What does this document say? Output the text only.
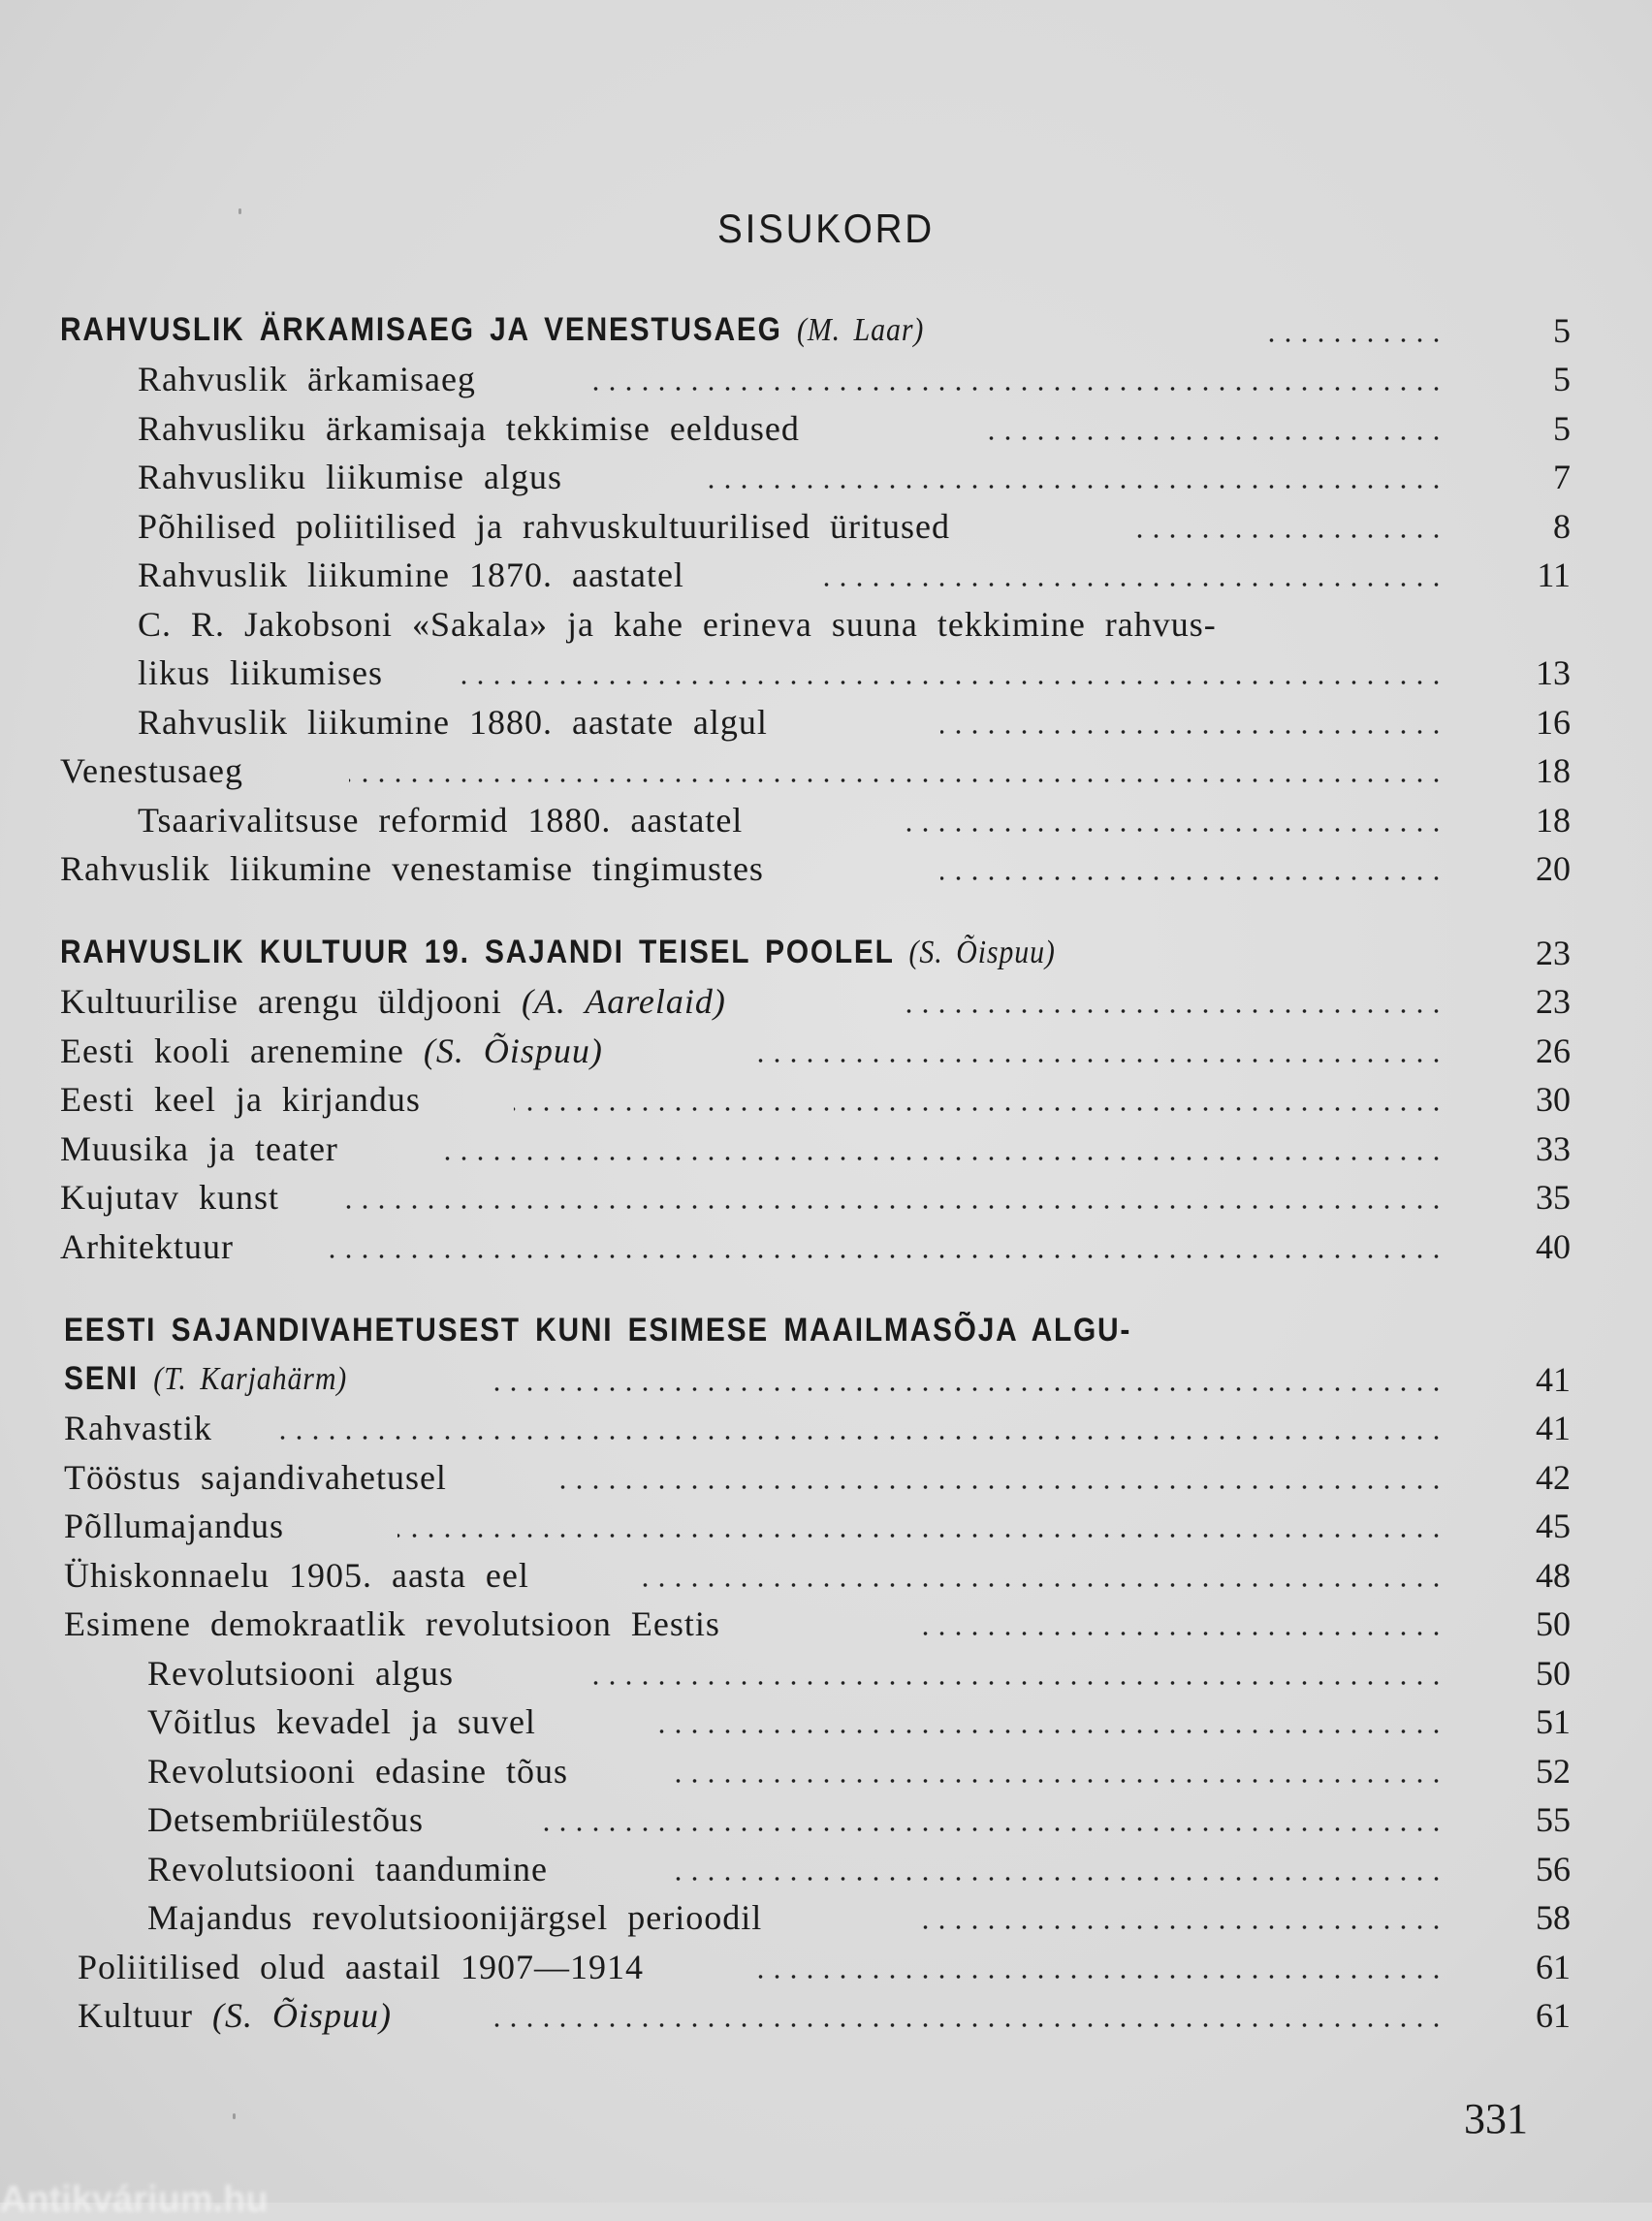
SISUKORD
RAHVUSLIK ÄRKAMISAEG JA VENESTUSAEG (M. Laar)	5
Rahvuslik ärkamisaeg	5
Rahvusliku ärkamisaja tekkimise eeldused	5
Rahvusliku liikumise algus	7
Põhilised poliitilised ja rahvuskultuurilised üritused	8
Rahvuslik liikumine 1870. aastatel	11
C. R. Jakobsoni «Sakala» ja kahe erineva suuna tekkimine rahvus-
likus liikumises	13
Rahvuslik liikumine 1880. aastate algul	16
Venestusaeg	18
Tsaarivalitsuse reformid 1880. aastatel	18
Rahvuslik liikumine venestamise tingimustes	20
RAHVUSLIK KULTUUR 19. SAJANDI TEISEL POOLEL (S. Õispuu)	23
Kultuurilise arengu üldjooni (A. Aarelaid)	23
Eesti kooli arenemine (S. Õispuu)	26
Eesti keel ja kirjandus	30
Muusika ja teater	33
Kujutav kunst	35
Arhitektuur	40
EESTI SAJANDIVAHETUSEST KUNI ESIMESE MAAILMASÕJA ALGU-
SENI (T. Karjahärm)	41
Rahvastik	41
Tööstus sajandivahetusel	42
Põllumajandus	45
Ühiskonnaelu 1905. aasta eel	48
Esimene demokraatlik revolutsioon Eestis	50
Revolutsiooni algus	50
Võitlus kevadel ja suvel	51
Revolutsiooni edasine tõus	52
Detsembriülestõus	55
Revolutsiooni taandumine	56
Majandus revolutsioonijärgsel perioodil	58
Poliitilised olud aastail 1907—1914	61
Kultuur (S. Õispuu)	61
331
Antikvárium.hu
